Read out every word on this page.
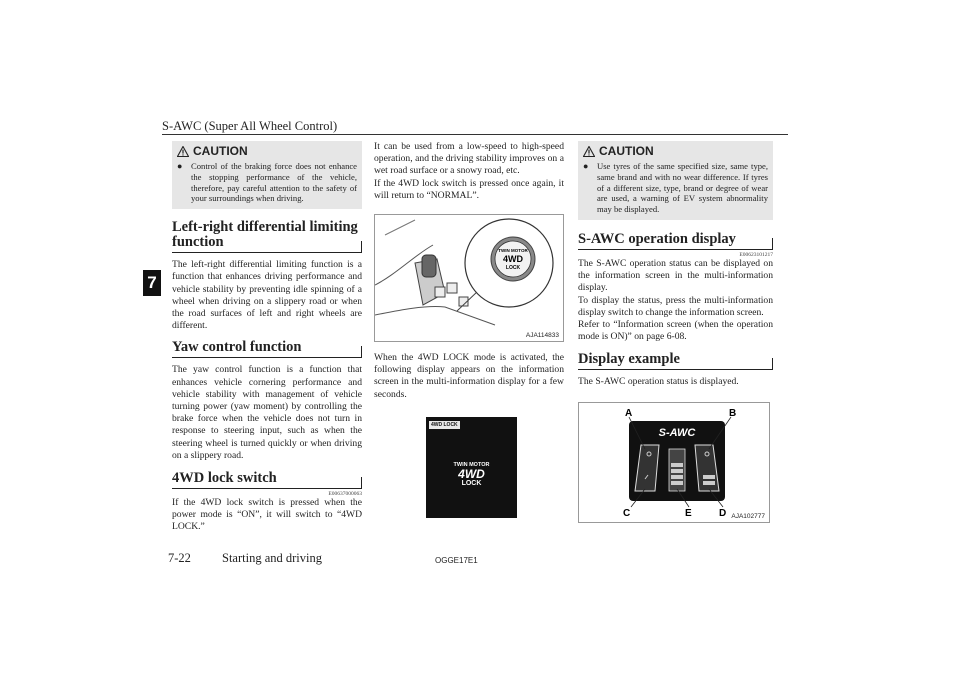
S-AWC (Super All Wheel Control)
7
CAUTION
● Control of the braking force does not enhance the stopping performance of the vehicle, therefore, pay careful attention to the safety of your surroundings when driving.
Left-right differential limiting function

The left-right differential limiting function is a function that enhances driving performance and vehicle stability by preventing idle spinning of a wheel when driving on a slippery road or when the road surfaces of left and right wheels are different.

Yaw control function

The yaw control function is a function that enhances vehicle cornering performance and vehicle stability with management of vehicle turning power (yaw moment) by controlling the brake force when the vehicle does not turn in response to steering input, such as when the steering wheel is turned quickly or when driving on a slippery road.

4WD lock switch
E00637000063

If the 4WD lock switch is pressed when the power mode is “ON”, it will switch to “4WD LOCK.”

It can be used from a low-speed to high-speed operation, and the driving stability improves on a wet road surface or a snowy road, etc.

If the 4WD lock switch is pressed once again, it will return to “NORMAL”.

TWIN MOTOR
4WD
LOCK
AJA114833

When the 4WD LOCK mode is activated, the following display appears on the information screen in the multi-information display for a few seconds.

4WD LOCK
TWIN MOTOR
4WD
LOCK
CAUTION
● Use tyres of the same specified size, same type, same brand and with no wear difference. If tyres of a different size, type, brand or degree of wear are used, a warning of EV system abnormality may be displayed.
S-AWC operation display
E00623101217

The S-AWC operation status can be displayed on the information screen in the multi-information display.

To display the status, press the multi-information display switch to change the information screen.

Refer to “Information screen (when the operation mode is ON)” on page 6-08.

Display example

The S-AWC operation status is displayed.

S-AWC
A	B
C	E	D AJA102777
7-22 Starting and driving	OGGE17E1
